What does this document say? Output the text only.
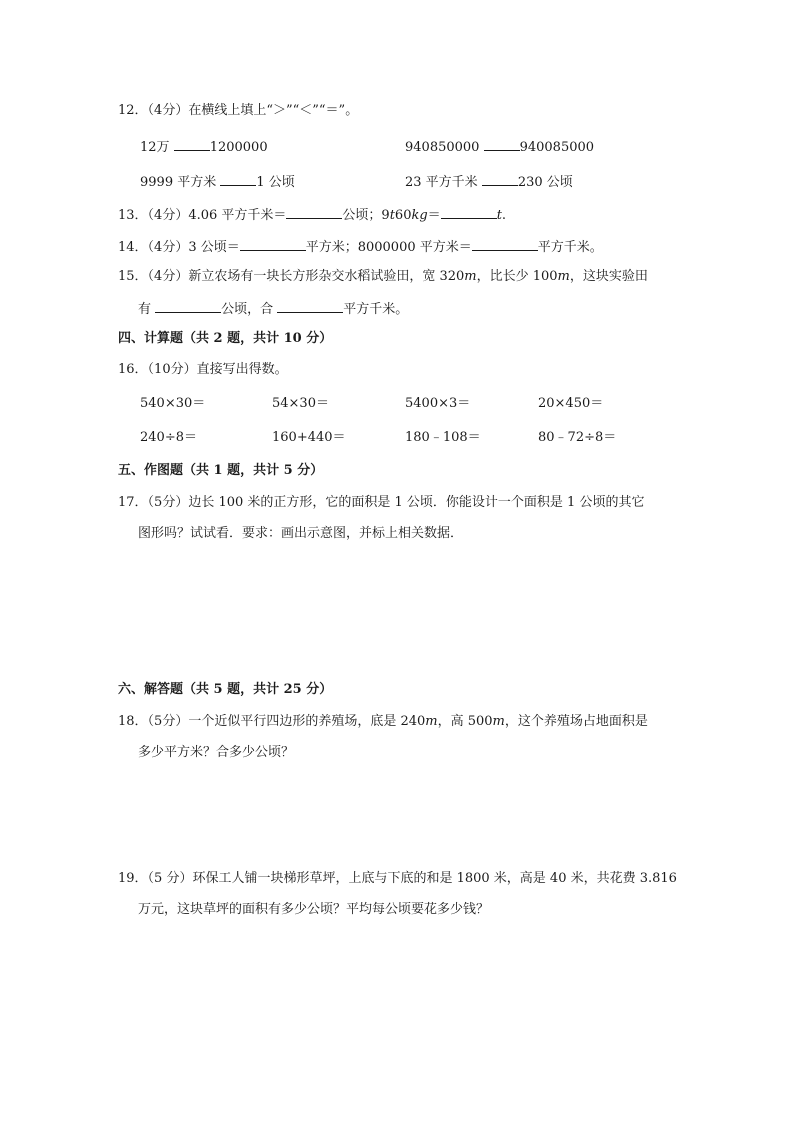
12．（4分）在横线上填上“＞”“＜”“＝”。
12万	1200000	940850000	940085000
9999 平方米	1 公顷	23 平方千米	230 公顷
13．（4分）4.06 平方千米＝	公顷；9t60kg＝	t.
14．（4分）3 公顷＝	平方米；8000000 平方米＝	平方千米。
15．（4分）新立农场有一块长方形杂交水稻试验田，宽 320m，比长少 100m，这块实验田
有	公顷，合	平方千米。
四、计算题（共 2 题，共计 10 分）
16．（10分）直接写出得数。
540×30＝	54×30＝	5400×3＝	20×450＝
240÷8＝	160+440＝	180﹣108＝	80﹣72÷8＝
五、作图题（共 1 题，共计 5 分）
17．（5分）边长 100 米的正方形，它的面积是 1 公顷．你能设计一个面积是 1 公顷的其它
图形吗？试试看．要求：画出示意图，并标上相关数据．
六、解答题（共 5 题，共计 25 分）
18．（5分）一个近似平行四边形的养殖场，底是 240m，高 500m，这个养殖场占地面积是
多少平方米？合多少公顷？
19．（5 分）环保工人铺一块梯形草坪，上底与下底的和是 1800 米，高是 40 米，共花费 3.816
万元，这块草坪的面积有多少公顷？平均每公顷要花多少钱？
